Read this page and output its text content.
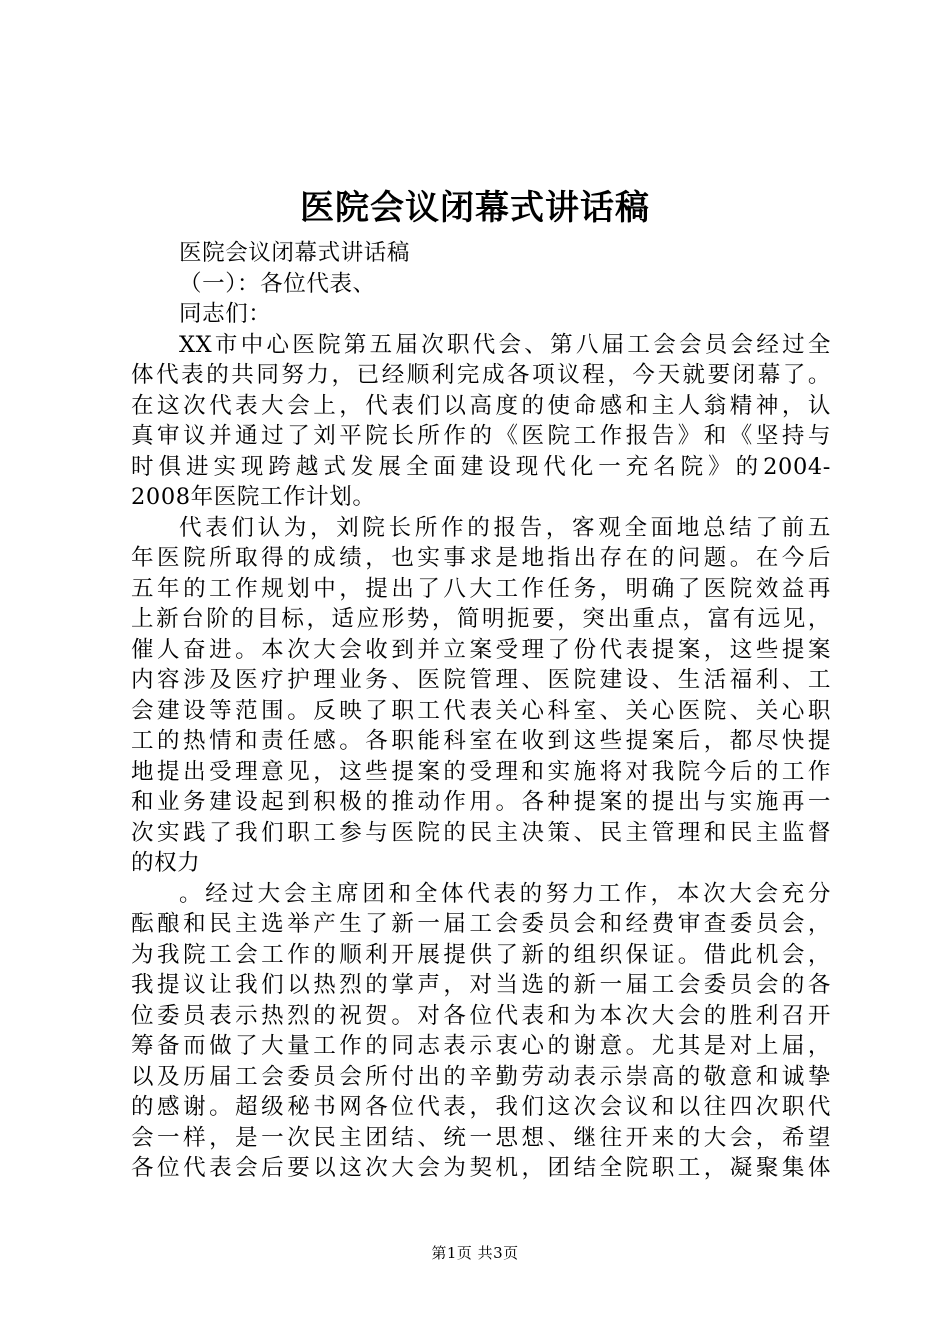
医院会议闭幕式讲话稿
医院会议闭幕式讲话稿
（一）：各位代表、
同志们：
XX市中心医院第五届次职代会、第八届工会会员会经过全
体代表的共同努力，已经顺利完成各项议程，今天就要闭幕了。
在这次代表大会上，代表们以高度的使命感和主人翁精神，认
真审议并通过了刘平院长所作的《医院工作报告》和《坚持与
时俱进实现跨越式发展全面建设现代化一充名院》的2004-
2008年医院工作计划。
代表们认为，刘院长所作的报告，客观全面地总结了前五
年医院所取得的成绩，也实事求是地指出存在的问题。在今后
五年的工作规划中，提出了八大工作任务，明确了医院效益再
上新台阶的目标，适应形势，简明扼要，突出重点，富有远见，
催人奋进。本次大会收到并立案受理了份代表提案，这些提案
内容涉及医疗护理业务、医院管理、医院建设、生活福利、工
会建设等范围。反映了职工代表关心科室、关心医院、关心职
工的热情和责任感。各职能科室在收到这些提案后，都尽快提
地提出受理意见，这些提案的受理和实施将对我院今后的工作
和业务建设起到积极的推动作用。各种提案的提出与实施再一
次实践了我们职工参与医院的民主决策、民主管理和民主监督
的权力
。经过大会主席团和全体代表的努力工作，本次大会充分
酝酿和民主选举产生了新一届工会委员会和经费审查委员会，
为我院工会工作的顺利开展提供了新的组织保证。借此机会，
我提议让我们以热烈的掌声，对当选的新一届工会委员会的各
位委员表示热烈的祝贺。对各位代表和为本次大会的胜利召开
筹备而做了大量工作的同志表示衷心的谢意。尤其是对上届，
以及历届工会委员会所付出的辛勤劳动表示崇高的敬意和诚挚
的感谢。超级秘书网各位代表，我们这次会议和以往四次职代
会一样，是一次民主团结、统一思想、继往开来的大会，希望
各位代表会后要以这次大会为契机，团结全院职工，凝聚集体
第1页 共3页
